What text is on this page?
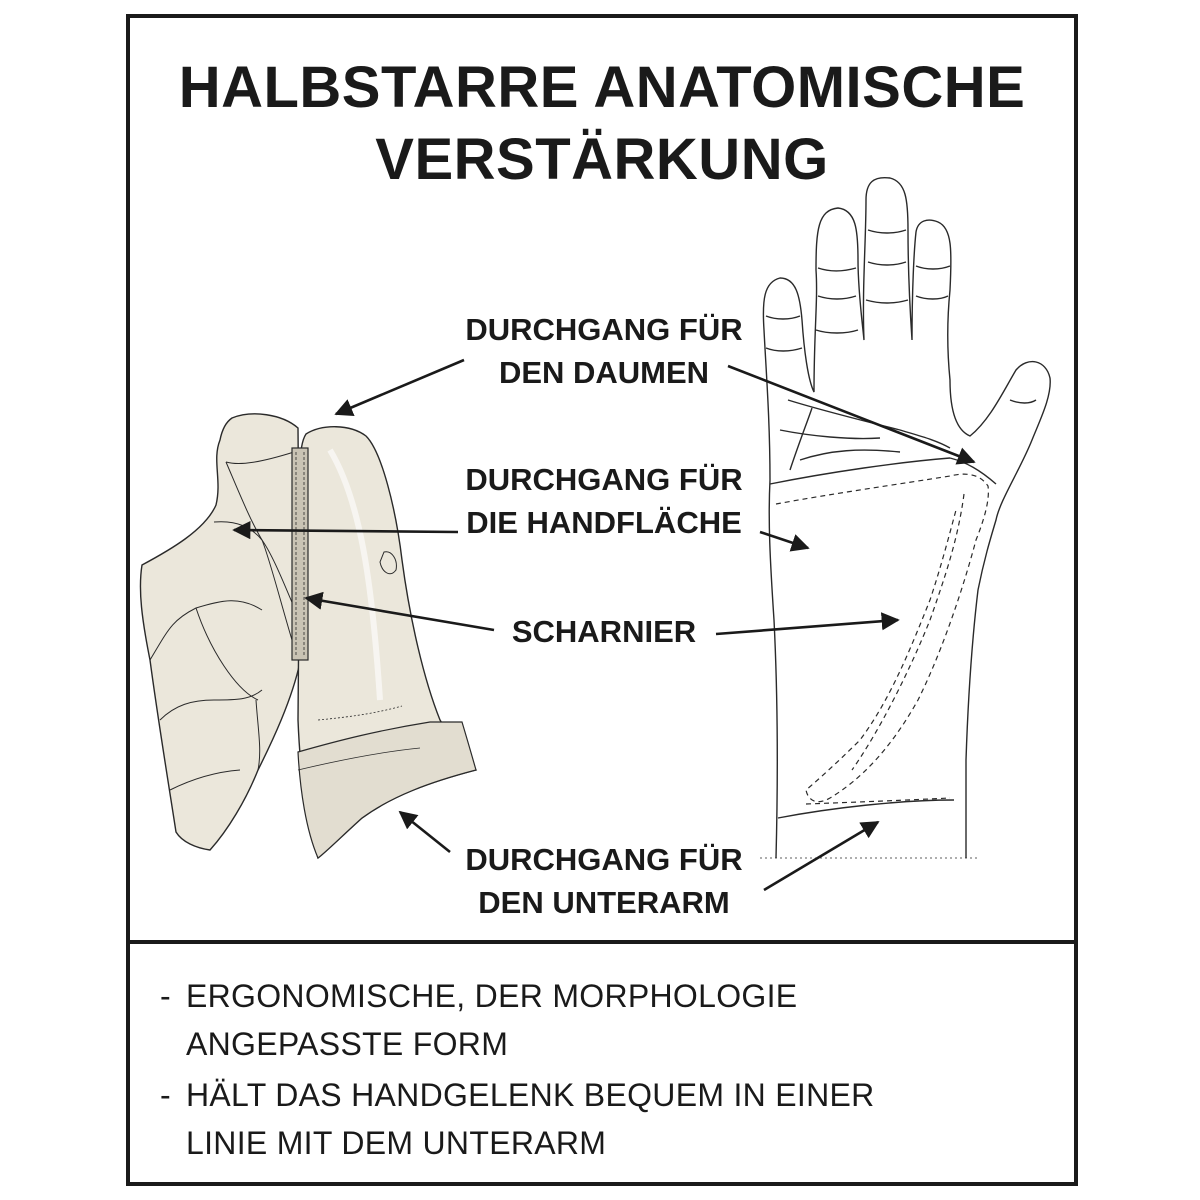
HALBSTARRE ANATOMISCHE
VERSTÄRKUNG
DURCHGANG FÜR
DEN DAUMEN
DURCHGANG FÜR
DIE HANDFLÄCHE
SCHARNIER
DURCHGANG FÜR
DEN UNTERARM
- ERGONOMISCHE, DER MORPHOLOGIE
ANGEPASSTE FORM
- HÄLT DAS HANDGELENK BEQUEM IN EINER
LINIE MIT DEM UNTERARM
